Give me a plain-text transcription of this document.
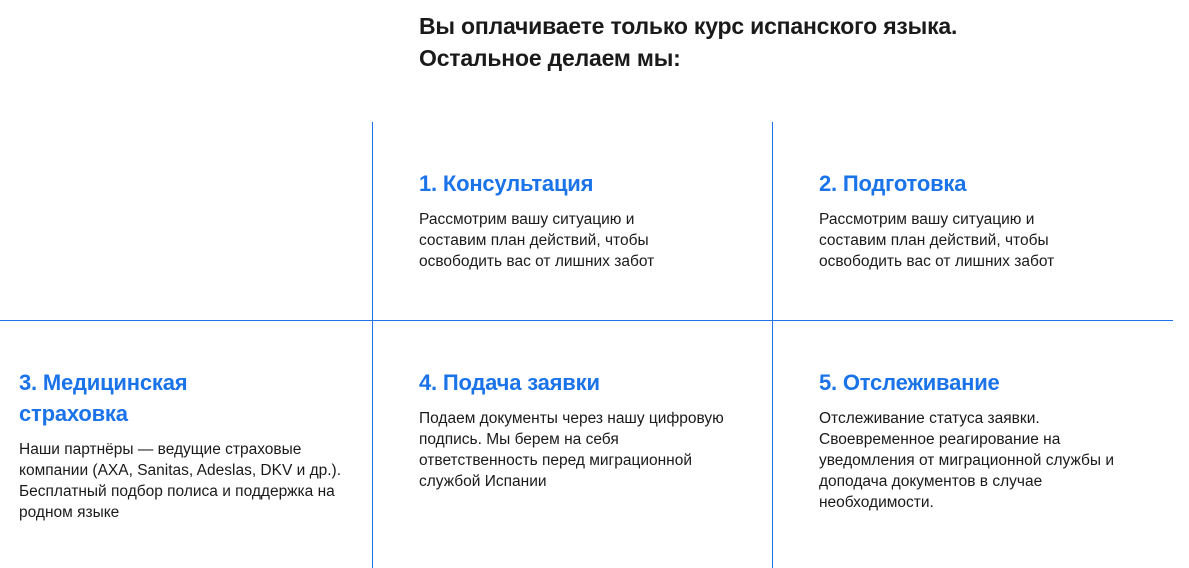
Вы оплачиваете только курс испанского языка.
Остальное делаем мы:
1. Консультация

Рассмотрим вашу ситуацию и составим план действий, чтобы освободить вас от лишних забот

2. Подготовка

Рассмотрим вашу ситуацию и составим план действий, чтобы освободить вас от лишних забот

3. Медицинская страховка

Наши партнёры — ведущие страховые компании (AXA, Sanitas, Adeslas, DKV и др.). Бесплатный подбор полиса и поддержка на родном языке

4. Подача заявки

Подаем документы через нашу цифровую подпись. Мы берем на себя ответственность перед миграционной службой Испании

5. Отслеживание

Отслеживание статуса заявки. Своевременное реагирование на уведомления от миграционной службы и доподача документов в случае необходимости.
